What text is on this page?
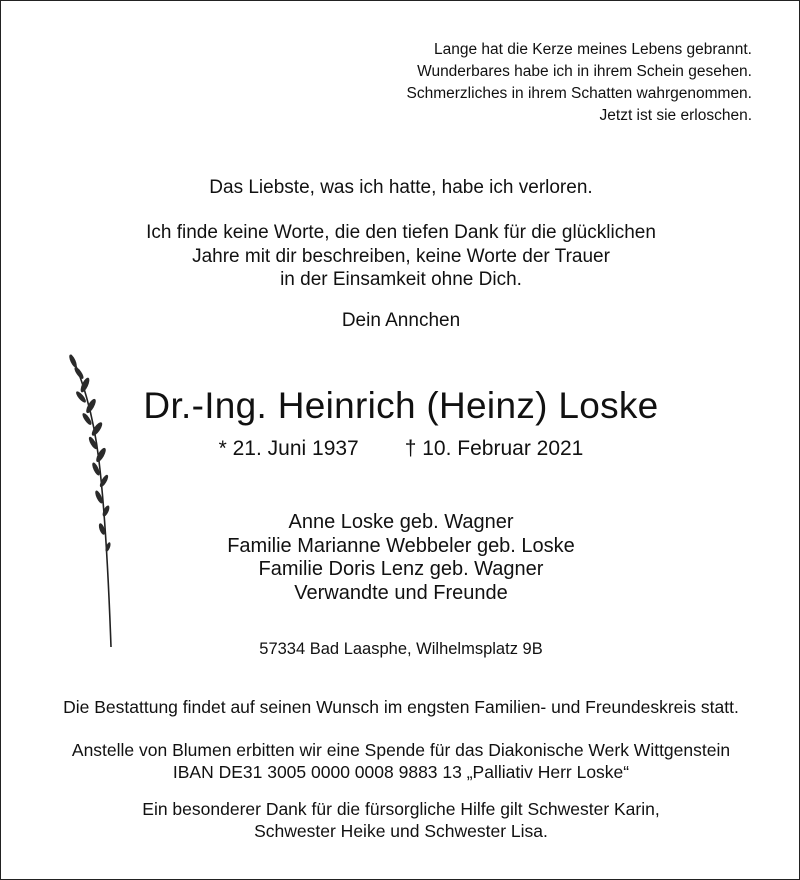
Lange hat die Kerze meines Lebens gebrannt.
Wunderbares habe ich in ihrem Schein gesehen.
Schmerzliches in ihrem Schatten wahrgenommen.
Jetzt ist sie erloschen.
Das Liebste, was ich hatte, habe ich verloren.
Ich finde keine Worte, die den tiefen Dank für die glücklichen
Jahre mit dir beschreiben, keine Worte der Trauer
in der Einsamkeit ohne Dich.
Dein Annchen
Dr.-Ing. Heinrich (Heinz) Loske
* 21. Juni 1937 † 10. Februar 2021
Anne Loske geb. Wagner
Familie Marianne Webbeler geb. Loske
Familie Doris Lenz geb. Wagner
Verwandte und Freunde
57334 Bad Laasphe, Wilhelmsplatz 9B
Die Bestattung findet auf seinen Wunsch im engsten Familien- und Freundeskreis statt.
Anstelle von Blumen erbitten wir eine Spende für das Diakonische Werk Wittgenstein
IBAN DE31 3005 0000 0008 9883 13 „Palliativ Herr Loske“
Ein besonderer Dank für die fürsorgliche Hilfe gilt Schwester Karin,
Schwester Heike und Schwester Lisa.
